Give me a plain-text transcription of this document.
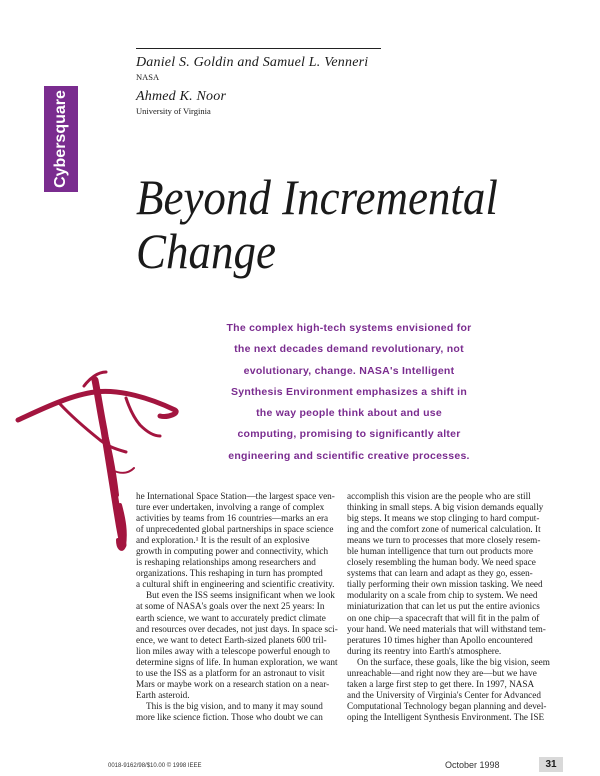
Cybersquare
Daniel S. Goldin and Samuel L. Venneri
NASA
Ahmed K. Noor
University of Virginia
Beyond Incremental
Change
The complex high-tech systems envisioned for
the next decades demand revolutionary, not
evolutionary, change. NASA's Intelligent
Synthesis Environment emphasizes a shift in
the way people think about and use
computing, promising to significantly alter
engineering and scientific creative processes.
he International Space Station—the largest space ven-
ture ever undertaken, involving a range of complex
activities by teams from 16 countries—marks an era
of unprecedented global partnerships in space science
and exploration.¹ It is the result of an explosive
growth in computing power and connectivity, which
is reshaping relationships among researchers and
organizations. This reshaping in turn has prompted
a cultural shift in engineering and scientific creativity.
But even the ISS seems insignificant when we look
at some of NASA's goals over the next 25 years: In
earth science, we want to accurately predict climate
and resources over decades, not just days. In space sci-
ence, we want to detect Earth-sized planets 600 tril-
lion miles away with a telescope powerful enough to
determine signs of life. In human exploration, we want
to use the ISS as a platform for an astronaut to visit
Mars or maybe work on a research station on a near-
Earth asteroid.
This is the big vision, and to many it may sound
more like science fiction. Those who doubt we can
accomplish this vision are the people who are still
thinking in small steps. A big vision demands equally
big steps. It means we stop clinging to hard comput-
ing and the comfort zone of numerical calculation. It
means we turn to processes that more closely resem-
ble human intelligence that turn out products more
closely resembling the human body. We need space
systems that can learn and adapt as they go, essen-
tially performing their own mission tasking. We need
modularity on a scale from chip to system. We need
miniaturization that can let us put the entire avionics
on one chip—a spacecraft that will fit in the palm of
your hand. We need materials that will withstand tem-
peratures 10 times higher than Apollo encountered
during its reentry into Earth's atmosphere.
On the surface, these goals, like the big vision, seem
unreachable—and right now they are—but we have
taken a large first step to get there. In 1997, NASA
and the University of Virginia's Center for Advanced
Computational Technology began planning and devel-
oping the Intelligent Synthesis Environment. The ISE
0018-9162/98/$10.00 © 1998 IEEE	October 1998	31
